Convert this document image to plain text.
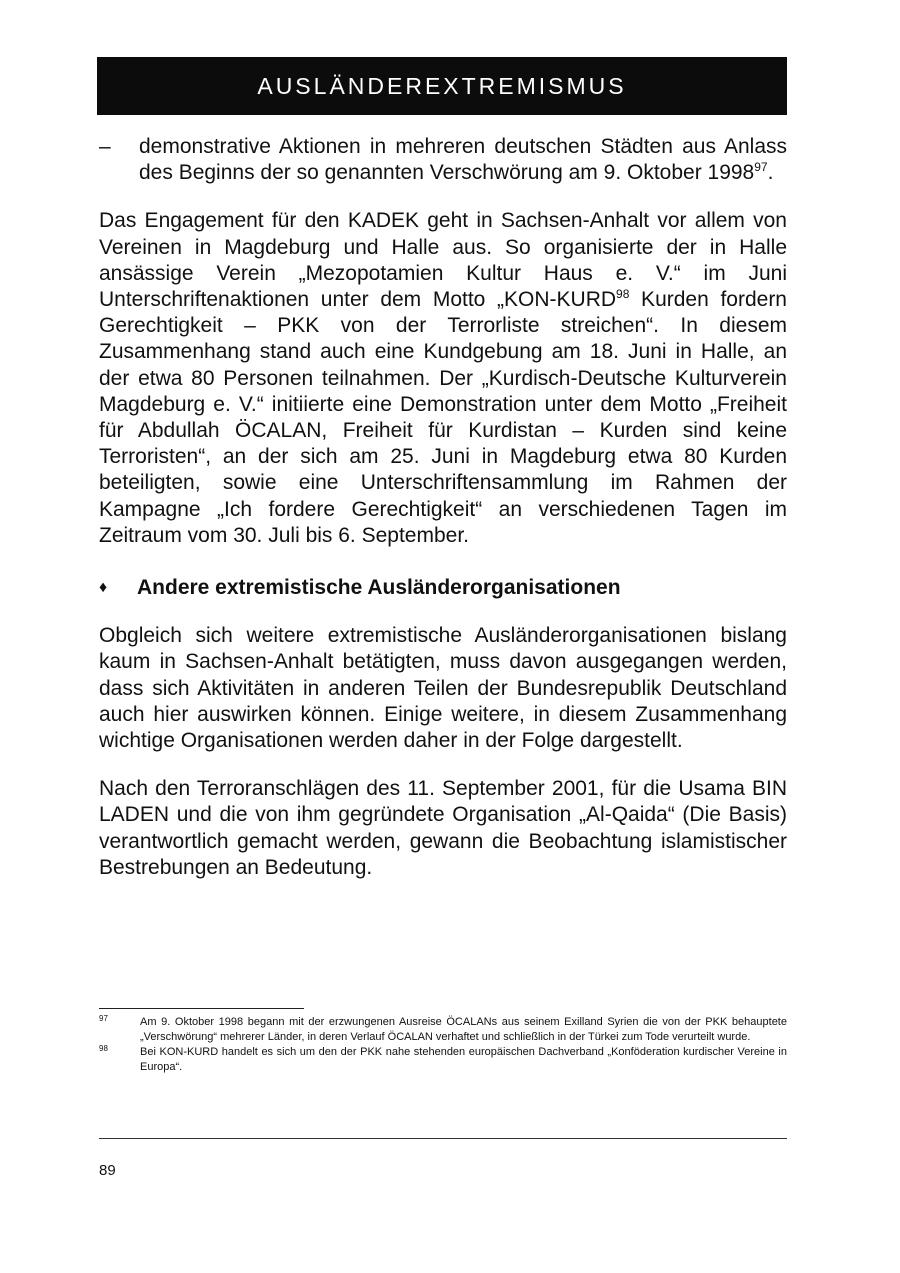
AUSLÄNDEREXTREMISMUS
– demonstrative Aktionen in mehreren deutschen Städten aus Anlass des Beginns der so genannten Verschwörung am 9. Oktober 1998$^{97}$.

Das Engagement für den KADEK geht in Sachsen-Anhalt vor allem von Vereinen in Magdeburg und Halle aus. So organisierte der in Halle ansässige Verein „Mezopotamien Kultur Haus e. V.“ im Juni Unterschriftenaktionen unter dem Motto „KON-KURD$^{98}$ Kurden fordern Gerechtigkeit – PKK von der Terrorliste streichen“. In diesem Zusammenhang stand auch eine Kundgebung am 18. Juni in Halle, an der etwa 80 Personen teilnahmen. Der „Kurdisch-Deutsche Kulturverein Magdeburg e. V.“ initiierte eine Demonstration unter dem Motto „Freiheit für Abdullah ÖCALAN, Freiheit für Kurdistan – Kurden sind keine Terroristen“, an der sich am 25. Juni in Magdeburg etwa 80 Kurden beteiligten, sowie eine Unterschriftensammlung im Rahmen der Kampagne „Ich fordere Gerechtigkeit“ an verschiedenen Tagen im Zeitraum vom 30. Juli bis 6. September.

♦	Andere extremistische Ausländerorganisationen

Obgleich sich weitere extremistische Ausländerorganisationen bislang kaum in Sachsen-Anhalt betätigten, muss davon ausgegangen werden, dass sich Aktivitäten in anderen Teilen der Bundesrepublik Deutschland auch hier auswirken können. Einige weitere, in diesem Zusammenhang wichtige Organisationen werden daher in der Folge dargestellt.

Nach den Terroranschlägen des 11. September 2001, für die Usama BIN LADEN und die von ihm gegründete Organisation „Al-Qaida“ (Die Basis) verantwortlich gemacht werden, gewann die Beobachtung islamistischer Bestrebungen an Bedeutung.

97	Am 9. Oktober 1998 begann mit der erzwungenen Ausreise ÖCALANs aus seinem Exilland Syrien die von der PKK behauptete „Verschwörung“ mehrerer Länder, in deren Verlauf ÖCALAN verhaftet und schließlich in der Türkei zum Tode verurteilt wurde.
98	Bei KON-KURD handelt es sich um den der PKK nahe stehenden europäischen Dachverband „Konföderation kurdischer Vereine in Europa“.
89
